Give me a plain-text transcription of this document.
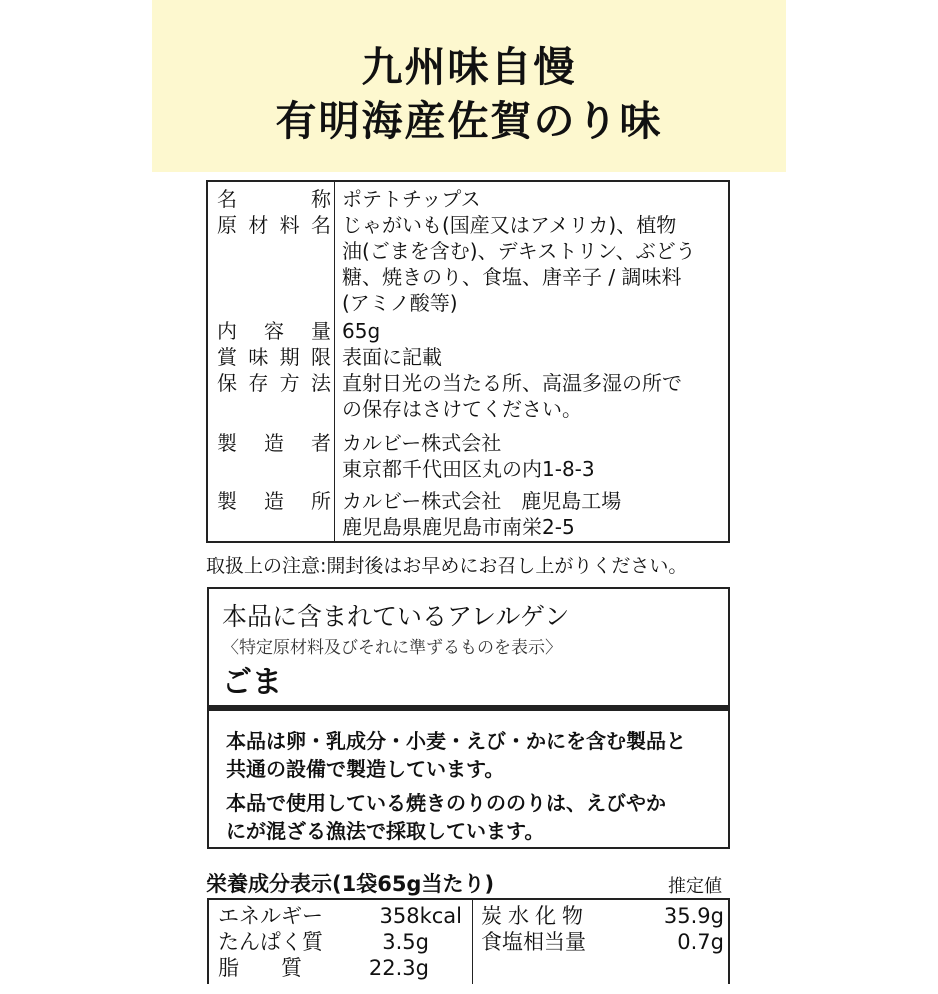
九州味自慢
有明海産佐賀のり味
名　　称 ポテトチップス
原材料名 じゃがいも(国産又はアメリカ)、植物
油(ごまを含む)、デキストリン、ぶどう
糖、焼きのり、食塩、唐辛子 / 調味料
(アミノ酸等)
内容量 65g
賞味期限 表面に記載
保存方法 直射日光の当たる所、高温多湿の所で
の保存はさけてください。
製造者 カルビー株式会社
東京都千代田区丸の内1-8-3
製造所 カルビー株式会社　鹿児島工場
鹿児島県鹿児島市南栄2-5
取扱上の注意:開封後はお早めにお召し上がりください。
本品に含まれているアレルゲン
〈特定原材料及びそれに準ずるものを表示〉
ごま
本品は卵・乳成分・小麦・えび・かにを含む製品と
共通の設備で製造しています。
本品で使用している焼きのりののりは、えびやか
にが混ざる漁法で採取しています。
栄養成分表示(1袋65g当たり)	推定値
エネルギー	358kcal
たんぱく質	3.5g
脂　　質	22.3g
炭水化物	35.9g
食塩相当量	0.7g
